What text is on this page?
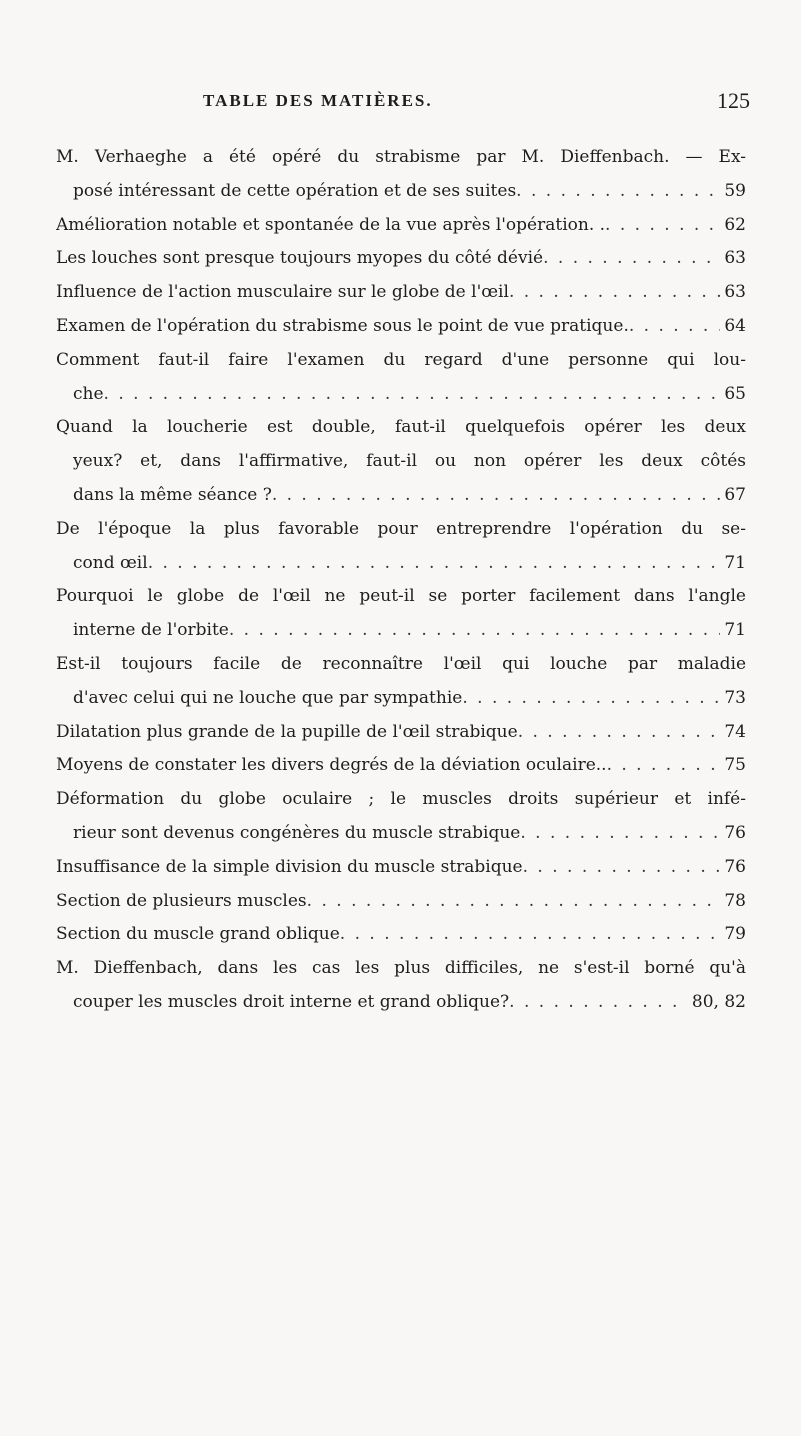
TABLE DES MATIÈRES.	125
M. Verhaeghe a été opéré du strabisme par M. Dieffenbach. — Ex-
posé intéressant de cette opération et de ses suites . . .	59
Amélioration notable et spontanée de la vue après l'opération. . . . .	62
Les louches sont presque toujours myopes du côté dévié . . .	63
Influence de l'action musculaire sur le globe de l'œil . . .	63
Examen de l'opération du strabisme sous le point de vue pratique. . . .	64
Comment faut-il faire l'examen du regard d'une personne qui lou-
che . . .	65
Quand la loucherie est double, faut-il quelquefois opérer les deux
yeux? et, dans l'affirmative, faut-il ou non opérer les deux côtés
dans la même séance ? . . .	67
De l'époque la plus favorable pour entreprendre l'opération du se-
cond œil . . .	71
Pourquoi le globe de l'œil ne peut-il se porter facilement dans l'angle
interne de l'orbite . . .	71
Est-il toujours facile de reconnaître l'œil qui louche par maladie
d'avec celui qui ne louche que par sympathie . . .	73
Dilatation plus grande de la pupille de l'œil strabique . . .	74
Moyens de constater les divers degrés de la déviation oculaire.. . . .	75
Déformation du globe oculaire ; le muscles droits supérieur et infé-
rieur sont devenus congénères du muscle strabique . . .	76
Insuffisance de la simple division du muscle strabique . . .	76
Section de plusieurs muscles . . .	78
Section du muscle grand oblique . . .	79
M. Dieffenbach, dans les cas les plus difficiles, ne s'est-il borné qu'à
couper les muscles droit interne et grand oblique? . . .	80, 82
